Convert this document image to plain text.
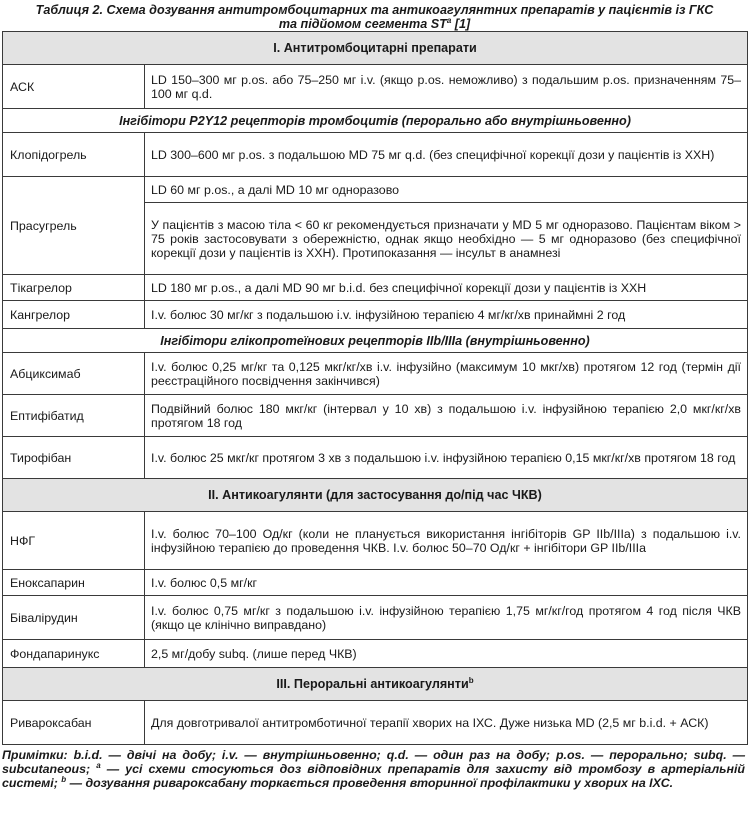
Таблиця 2. Схема дозування антитромбоцитарних та антикоагулянтних препаратів у пацієнтів із ГКС
та підйомом сегмента $ST^a$ [1]
I. Антитромбоцитарні препарати	
АСК	LD 150–300 мг p.os. або 75–250 мг i.v. (якщо p.os. неможливо) з подальшим p.os. призначенням 75–100 мг q.d.
Інгібітори P2Y12 рецепторів тромбоцитів (перорально або внутрішньовенно)	
Клопідогрель	LD 300–600 мг p.os. з подальшою MD 75 мг q.d. (без специфічної корекції дози у пацієнтів із ХХН)
Прасугрель	LD 60 мг p.os., а далі MD 10 мг одноразово
	У пацієнтів з масою тіла < 60 кг рекомендується призначати у MD 5 мг одноразово. Пацієнтам віком > 75 років застосовувати з обережністю, однак якщо необхідно — 5 мг одноразово (без специфічної корекції дози у пацієнтів із ХХН). Протипоказання — інсульт в анамнезі
Тікагрелор	LD 180 мг p.os., а далі MD 90 мг b.i.d. без специфічної корекції дози у пацієнтів із ХХН
Кангрелор	I.v. болюс 30 мг/кг з подальшою i.v. інфузійною терапією 4 мг/кг/хв принаймні 2 год
Інгібітори глікопротеїнових рецепторів IIb/IIIa (внутрішньовенно)	
Абциксимаб	I.v. болюс 0,25 мг/кг та 0,125 мкг/кг/хв i.v. інфузійно (максимум 10 мкг/хв) протягом 12 год (термін дії реєстраційного посвідчення закінчився)
Ептифібатид	Подвійний болюс 180 мкг/кг (інтервал у 10 хв) з подальшою i.v. інфузійною терапією 2,0 мкг/кг/хв протягом 18 год
Тирофібан	I.v. болюс 25 мкг/кг протягом 3 хв з подальшою i.v. інфузійною терапією 0,15 мкг/кг/хв протягом 18 год
II. Антикоагулянти (для застосування до/під час ЧКВ)	
НФГ	I.v. болюс 70–100 Од/кг (коли не планується використання інгібіторів GP IIb/IIIa) з подальшою i.v. інфузійною терапією до проведення ЧКВ. I.v. болюс 50–70 Од/кг + інгібітори GP IIb/IIIa
Еноксапарин	I.v. болюс 0,5 мг/кг
Бівалірудин	I.v. болюс 0,75 мг/кг з подальшою i.v. інфузійною терапією 1,75 мг/кг/год протягом 4 год після ЧКВ (якщо це клінічно виправдано)
Фондапаринукс	2,5 мг/добу subq. (лише перед ЧКВ)
III. Пероральні антикоагулянти$^b$
Ривароксабан	Для довготривалої антитромботичної терапії хворих на ІХС. Дуже низька MD (2,5 мг b.i.d. + АСК)
Примітки: b.i.d. — двічі на добу; i.v. — внутрішньовенно; q.d. — один раз на добу; p.os. — перорально; subq. — subcutaneous; $^a$ — усі схеми стосуються доз відповідних препаратів для захисту від тромбозу в артеріальній системі; $^b$ — дозування ривароксабану торкається проведення вторинної профілактики у хворих на ІХС.
